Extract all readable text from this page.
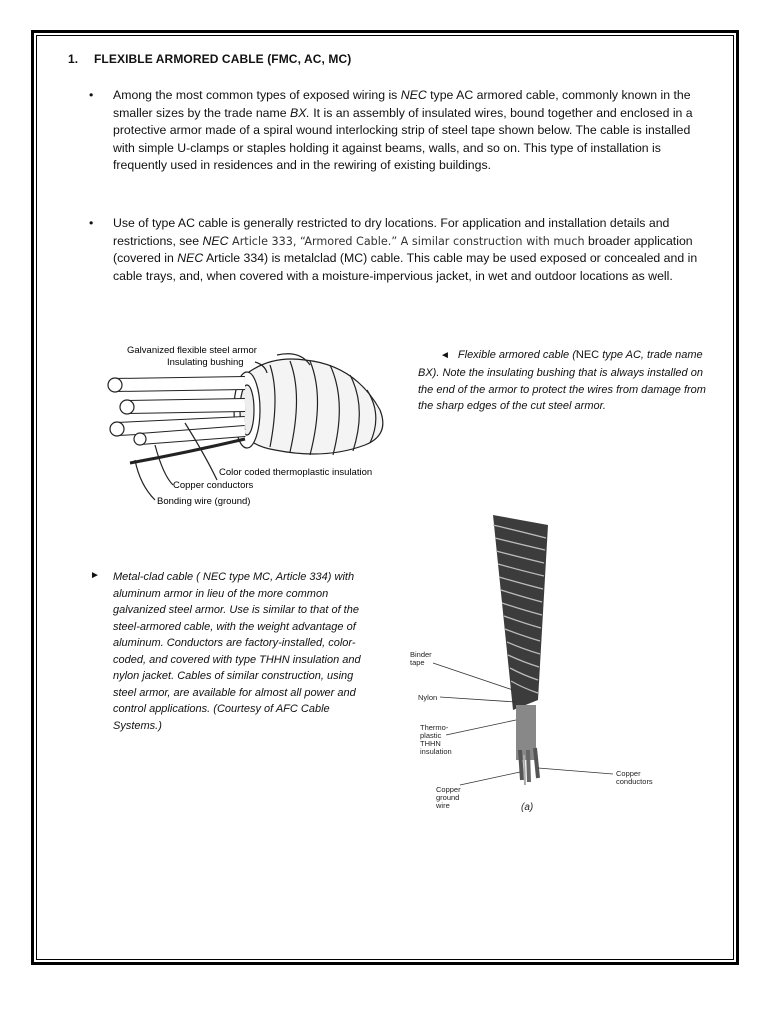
1. FLEXIBLE ARMORED CABLE (FMC, AC, MC)
• Among the most common types of exposed wiring is NEC type AC armored cable, commonly known in the smaller sizes by the trade name BX. It is an assembly of insulated wires, bound together and enclosed in a protective armor made of a spiral wound interlocking strip of steel tape shown below. The cable is installed with simple U-clamps or staples holding it against beams, walls, and so on. This type of installation is frequently used in residences and in the rewiring of existing buildings.
• Use of type AC cable is generally restricted to dry locations. For application and installation details and restrictions, see NEC Article 333, “Armored Cable.” A similar construction with much broader application (covered in NEC Article 334) is metalclad (MC) cable. This cable may be used exposed or concealed and in cable trays, and, when covered with a moisture-impervious jacket, in wet and outdoor locations as well.
Galvanized flexible steel armor
Insulating bushing
Color coded thermoplastic insulation
Copper conductors
Bonding wire (ground)
◄ Flexible armored cable (NEC type AC, trade name BX). Note the insulating bushing that is always installed on the end of the armor to protect the wires from damage from the sharp edges of the cut steel armor.
Binder tape
Nylon
Thermo-plastic THHN insulation
Copper ground wire
Copper conductors
(a)
► Metal-clad cable ( NEC type MC, Article 334) with aluminum armor in lieu of the more common galvanized steel armor. Use is similar to that of the steel-armored cable, with the weight advantage of aluminum. Conductors are factory-installed, color-coded, and covered with type THHN insulation and nylon jacket. Cables of similar construction, using steel armor, are available for almost all power and control applications. (Courtesy of AFC Cable Systems.)
